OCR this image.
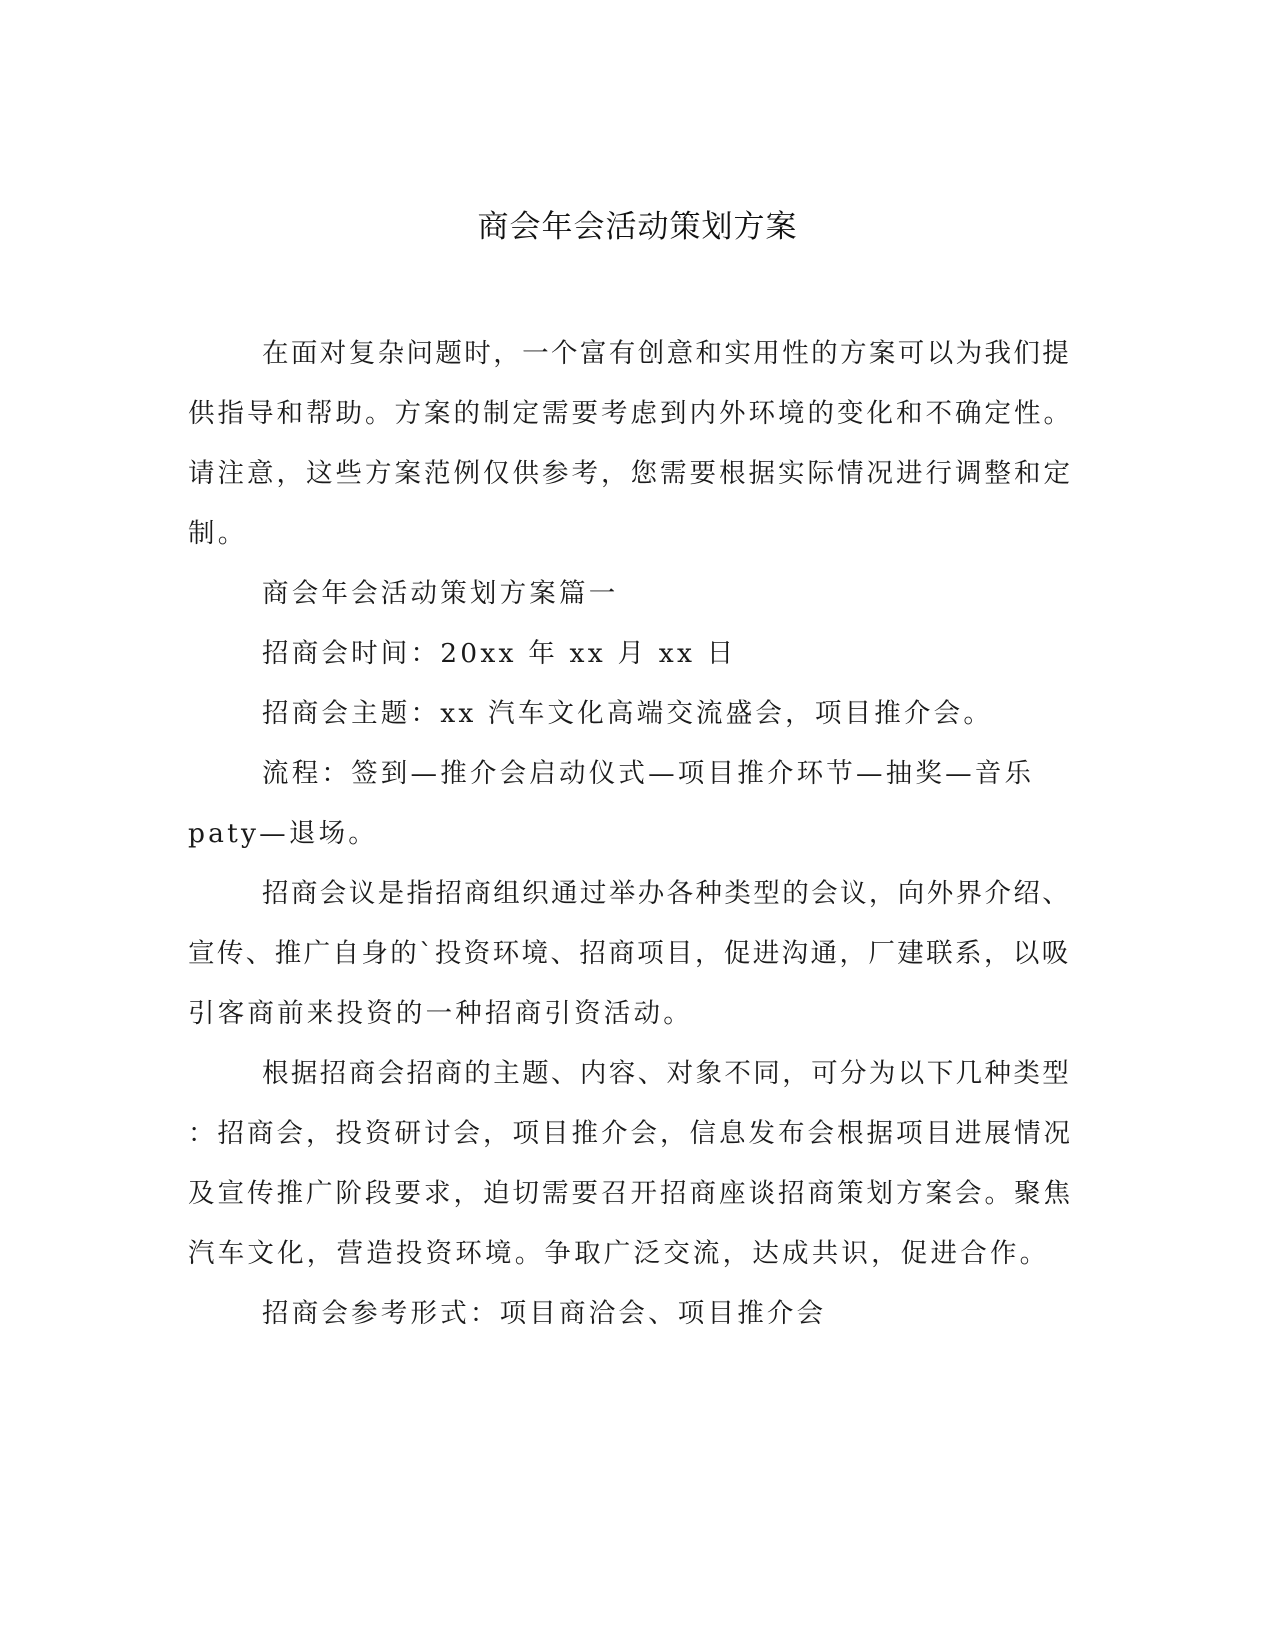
商会年会活动策划方案
在面对复杂问题时，一个富有创意和实用性的方案可以为我们提
供指导和帮助。方案的制定需要考虑到内外环境的变化和不确定性。
请注意，这些方案范例仅供参考，您需要根据实际情况进行调整和定
制。
商会年会活动策划方案篇一
招商会时间：20xx 年 xx 月 xx 日
招商会主题：xx 汽车文化高端交流盛会，项目推介会。
流程：签到—推介会启动仪式—项目推介环节—抽奖—音乐
paty—退场。
招商会议是指招商组织通过举办各种类型的会议，向外界介绍、
宣传、推广自身的`投资环境、招商项目，促进沟通，厂建联系，以吸
引客商前来投资的一种招商引资活动。
根据招商会招商的主题、内容、对象不同，可分为以下几种类型
：招商会，投资研讨会，项目推介会，信息发布会根据项目进展情况
及宣传推广阶段要求，迫切需要召开招商座谈招商策划方案会。聚焦
汽车文化，营造投资环境。争取广泛交流，达成共识，促进合作。
招商会参考形式：项目商洽会、项目推介会
